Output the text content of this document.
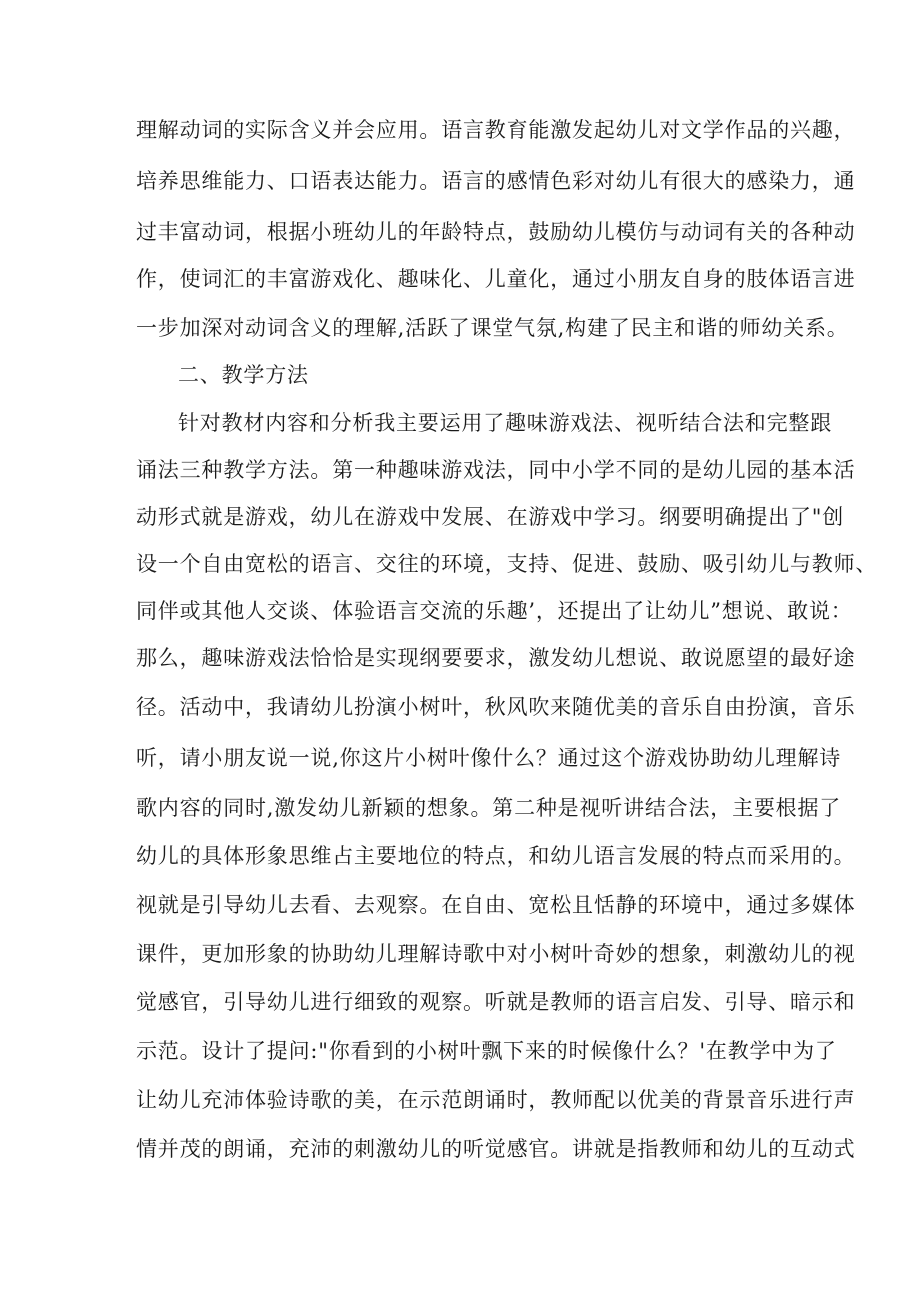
理解动词的实际含义并会应用。语言教育能激发起幼儿对文学作品的兴趣，
培养思维能力、口语表达能力。语言的感情色彩对幼儿有很大的感染力，通
过丰富动词，根据小班幼儿的年龄特点，鼓励幼儿模仿与动词有关的各种动
作，使词汇的丰富游戏化、趣味化、儿童化，通过小朋友自身的肢体语言进
一步加深对动词含义的理解,活跃了课堂气氛,构建了民主和谐的师幼关系。
二、教学方法
针对教材内容和分析我主要运用了趣味游戏法、视听结合法和完整跟
诵法三种教学方法。第一种趣味游戏法，同中小学不同的是幼儿园的基本活
动形式就是游戏，幼儿在游戏中发展、在游戏中学习。纲要明确提出了"创
设一个自由宽松的语言、交往的环境，支持、促进、鼓励、吸引幼儿与教师、
同伴或其他人交谈、体验语言交流的乐趣’，还提出了让幼儿”想说、敢说：
那么，趣味游戏法恰恰是实现纲要要求，激发幼儿想说、敢说愿望的最好途
径。活动中，我请幼儿扮演小树叶，秋风吹来随优美的音乐自由扮演，音乐
听，请小朋友说一说,你这片小树叶像什么？通过这个游戏协助幼儿理解诗
歌内容的同时,激发幼儿新颖的想象。第二种是视听讲结合法，主要根据了
幼儿的具体形象思维占主要地位的特点，和幼儿语言发展的特点而采用的。
视就是引导幼儿去看、去观察。在自由、宽松且恬静的环境中，通过多媒体
课件，更加形象的协助幼儿理解诗歌中对小树叶奇妙的想象，刺激幼儿的视
觉感官，引导幼儿进行细致的观察。听就是教师的语言启发、引导、暗示和
示范。设计了提问:"你看到的小树叶飘下来的时候像什么？'在教学中为了
让幼儿充沛体验诗歌的美，在示范朗诵时，教师配以优美的背景音乐进行声
情并茂的朗诵，充沛的刺激幼儿的听觉感官。讲就是指教师和幼儿的互动式
